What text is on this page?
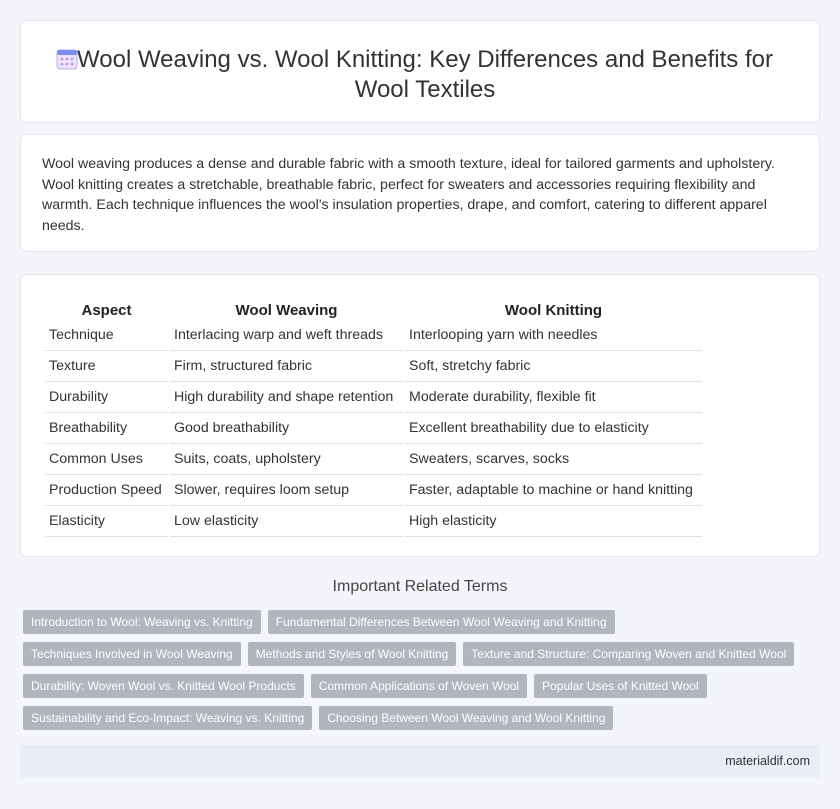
Wool Weaving vs. Wool Knitting: Key Differences and Benefits for Wool Textiles

Wool weaving produces a dense and durable fabric with a smooth texture, ideal for tailored garments and upholstery. Wool knitting creates a stretchable, breathable fabric, perfect for sweaters and accessories requiring flexibility and warmth. Each technique influences the wool's insulation properties, drape, and comfort, catering to different apparel needs.

Aspect	Wool Weaving	Wool Knitting
Technique	Interlacing warp and weft threads	Interlooping yarn with needles
Texture	Firm, structured fabric	Soft, stretchy fabric
Durability	High durability and shape retention	Moderate durability, flexible fit
Breathability	Good breathability	Excellent breathability due to elasticity
Common Uses	Suits, coats, upholstery	Sweaters, scarves, socks
Production Speed	Slower, requires loom setup	Faster, adaptable to machine or hand knitting
Elasticity	Low elasticity	High elasticity
Important Related Terms
Introduction to Wool: Weaving vs. Knitting	Fundamental Differences Between Wool Weaving and Knitting
Techniques Involved in Wool Weaving	Methods and Styles of Wool Knitting	Texture and Structure: Comparing Woven and Knitted Wool
Durability: Woven Wool vs. Knitted Wool Products	Common Applications of Woven Wool	Popular Uses of Knitted Wool
Sustainability and Eco-Impact: Weaving vs. Knitting	Choosing Between Wool Weaving and Wool Knitting
materialdif.com
